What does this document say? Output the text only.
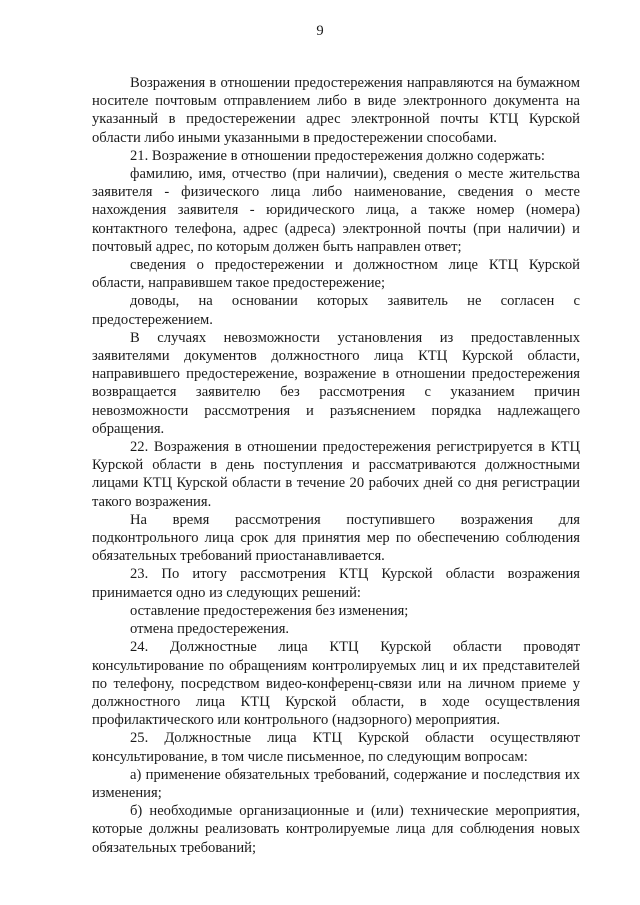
9

Возражения в отношении предостережения направляются на бумажном носителе почтовым отправлением либо в виде электронного документа на указанный в предостережении адрес электронной почты КТЦ Курской области либо иными указанными в предостережении способами.

21. Возражение в отношении предостережения должно содержать:

фамилию, имя, отчество (при наличии), сведения о месте жительства заявителя - физического лица либо наименование, сведения о месте нахождения заявителя - юридического лица, а также номер (номера) контактного телефона, адрес (адреса) электронной почты (при наличии) и почтовый адрес, по которым должен быть направлен ответ;

сведения о предостережении и должностном лице КТЦ Курской области, направившем такое предостережение;

доводы, на основании которых заявитель не согласен с предостережением.

В случаях невозможности установления из предоставленных заявителями документов должностного лица КТЦ Курской области, направившего предостережение, возражение в отношении предостережения возвращается заявителю без рассмотрения с указанием причин невозможности рассмотрения и разъяснением порядка надлежащего обращения.

22. Возражения в отношении предостережения регистрируется в КТЦ Курской области в день поступления и рассматриваются должностными лицами КТЦ Курской области в течение 20 рабочих дней со дня регистрации такого возражения.

На время рассмотрения поступившего возражения для подконтрольного лица срок для принятия мер по обеспечению соблюдения обязательных требований приостанавливается.

23. По итогу рассмотрения КТЦ Курской области возражения принимается одно из следующих решений:

оставление предостережения без изменения;

отмена предостережения.

24. Должностные лица КТЦ Курской области проводят консультирование по обращениям контролируемых лиц и их представителей по телефону, посредством видео-конференц-связи или на личном приеме у должностного лица КТЦ Курской области, в ходе осуществления профилактического или контрольного (надзорного) мероприятия.

25. Должностные лица КТЦ Курской области осуществляют консультирование, в том числе письменное, по следующим вопросам:

а) применение обязательных требований, содержание и последствия их изменения;

б) необходимые организационные и (или) технические мероприятия, которые должны реализовать контролируемые лица для соблюдения новых обязательных требований;
